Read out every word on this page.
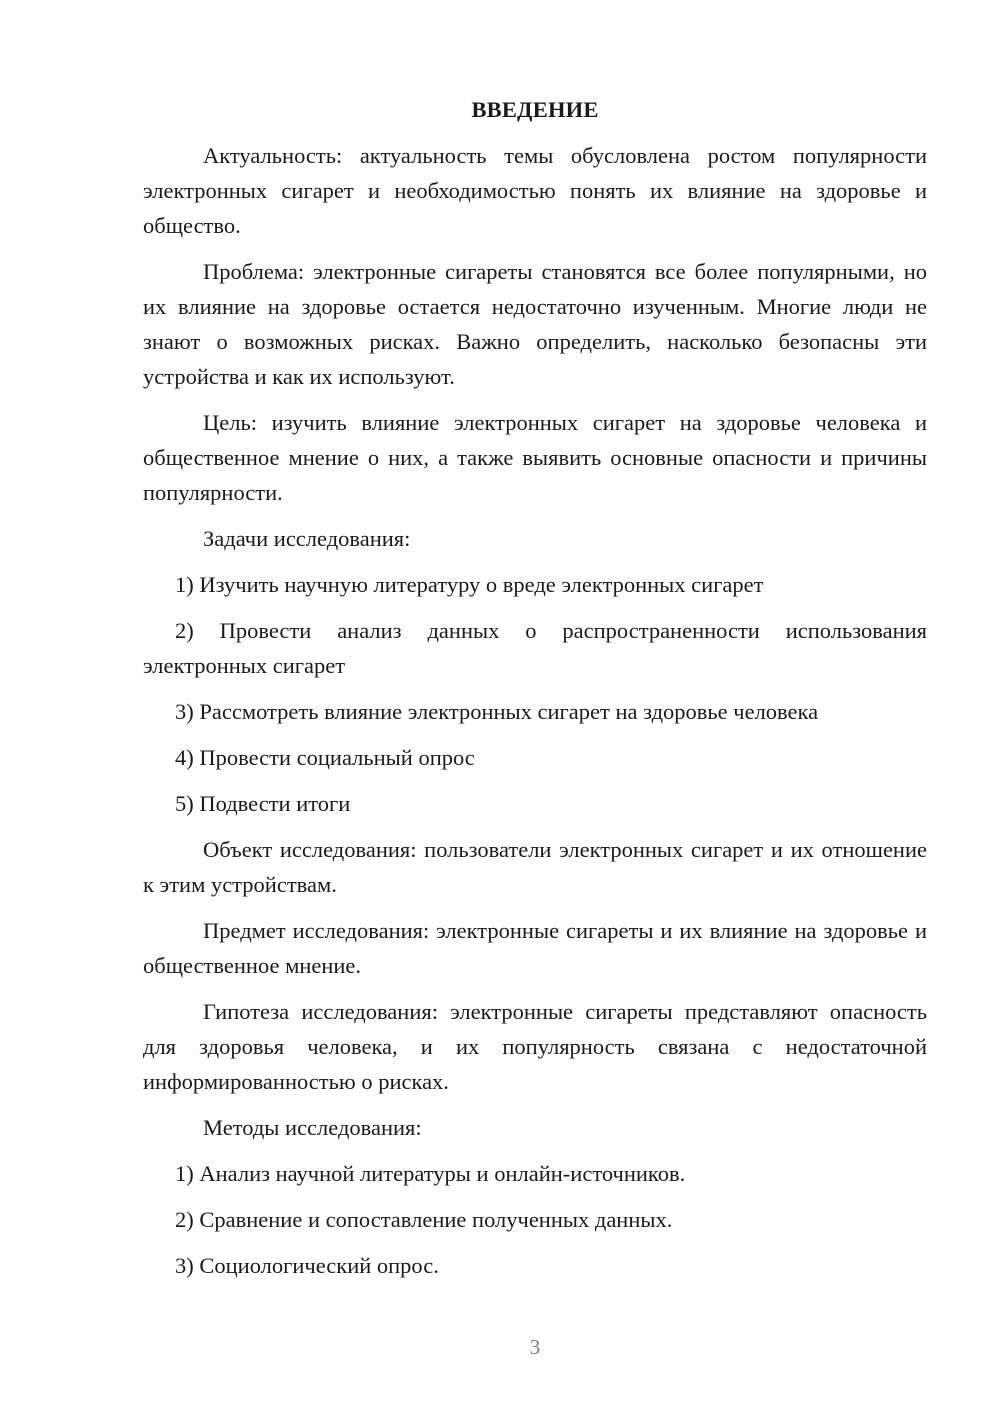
ВВЕДЕНИЕ

Актуальность: актуальность темы обусловлена ростом популярности электронных сигарет и необходимостью понять их влияние на здоровье и общество.

Проблема: электронные сигареты становятся все более популярными, но их влияние на здоровье остается недостаточно изученным. Многие люди не знают о возможных рисках. Важно определить, насколько безопасны эти устройства и как их используют.

Цель: изучить влияние электронных сигарет на здоровье человека и общественное мнение о них, а также выявить основные опасности и причины популярности.

Задачи исследования:

1) Изучить научную литературу о вреде электронных сигарет

2) Провести анализ данных о распространенности использования электронных сигарет

3) Рассмотреть влияние электронных сигарет на здоровье человека

4) Провести социальный опрос

5) Подвести итоги

Объект исследования: пользователи электронных сигарет и их отношение к этим устройствам.

Предмет исследования: электронные сигареты и их влияние на здоровье и общественное мнение.

Гипотеза исследования: электронные сигареты представляют опасность для здоровья человека, и их популярность связана с недостаточной информированностью о рисках.

Методы исследования:

1) Анализ научной литературы и онлайн-источников.

2) Сравнение и сопоставление полученных данных.

3) Социологический опрос.

3
